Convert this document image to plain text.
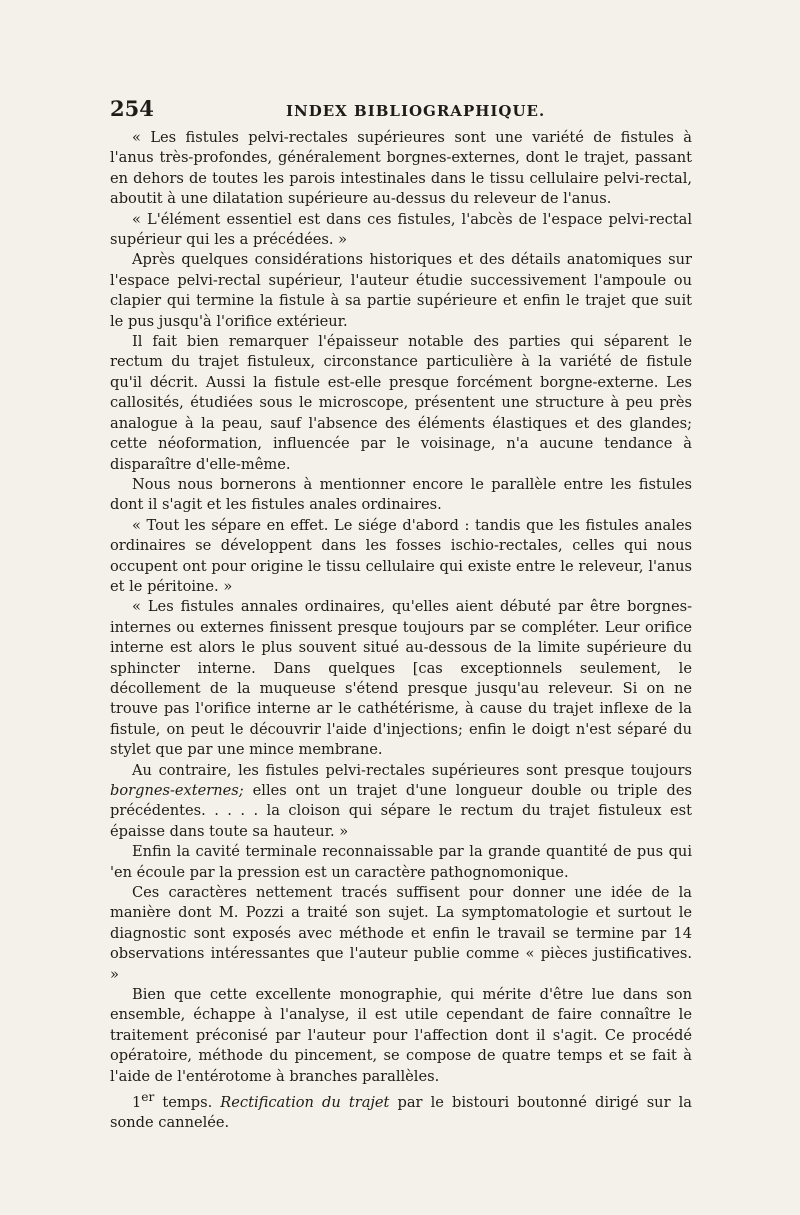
254	INDEX BIBLIOGRAPHIQUE.

« Les fistules pelvi-rectales supérieures sont une variété de fistules à l'anus très-profondes, généralement borgnes-externes, dont le trajet, passant en dehors de toutes les parois intestinales dans le tissu cellulaire pelvi-rectal, aboutit à une dilatation supérieure au-dessus du releveur de l'anus.

« L'élément essentiel est dans ces fistules, l'abcès de l'espace pelvi-rectal supérieur qui les a précédées. »

Après quelques considérations historiques et des détails anatomiques sur l'espace pelvi-rectal supérieur, l'auteur étudie successivement l'ampoule ou clapier qui termine la fistule à sa partie supérieure et enfin le trajet que suit le pus jusqu'à l'orifice extérieur.

Il fait bien remarquer l'épaisseur notable des parties qui séparent le rectum du trajet fistuleux, circonstance particulière à la variété de fistule qu'il décrit. Aussi la fistule est-elle presque forcément borgne-externe. Les callosités, étudiées sous le microscope, présentent une structure à peu près analogue à la peau, sauf l'absence des éléments élastiques et des glandes; cette néoformation, influencée par le voisinage, n'a aucune tendance à disparaître d'elle-même.

Nous nous bornerons à mentionner encore le parallèle entre les fistules dont il s'agit et les fistules anales ordinaires.

« Tout les sépare en effet. Le siége d'abord : tandis que les fistules anales ordinaires se développent dans les fosses ischio-rectales, celles qui nous occupent ont pour origine le tissu cellulaire qui existe entre le releveur, l'anus et le péritoine. »

« Les fistules annales ordinaires, qu'elles aient débuté par être borgnes-internes ou externes finissent presque toujours par se compléter. Leur orifice interne est alors le plus souvent situé au-dessous de la limite supérieure du sphincter interne. Dans quelques [cas exceptionnels seulement, le décollement de la muqueuse s'étend presque jusqu'au releveur. Si on ne trouve pas l'orifice interne ar le cathétérisme, à cause du trajet inflexe de la fistule, on peut le découvrir l'aide d'injections; enfin le doigt n'est séparé du stylet que par une mince membrane.

Au contraire, les fistules pelvi-rectales supérieures sont presque toujours borgnes-externes; elles ont un trajet d'une longueur double ou triple des précédentes. . . . . la cloison qui sépare le rectum du trajet fistuleux est épaisse dans toute sa hauteur. »

Enfin la cavité terminale reconnaissable par la grande quantité de pus qui 'en écoule par la pression est un caractère pathognomonique.

Ces caractères nettement tracés suffisent pour donner une idée de la manière dont M. Pozzi a traité son sujet. La symptomatologie et surtout le diagnostic sont exposés avec méthode et enfin le travail se termine par 14 observations intéressantes que l'auteur publie comme « pièces justificatives. »

Bien que cette excellente monographie, qui mérite d'être lue dans son ensemble, échappe à l'analyse, il est utile cependant de faire connaître le traitement préconisé par l'auteur pour l'affection dont il s'agit. Ce procédé opératoire, méthode du pincement, se compose de quatre temps et se fait à l'aide de l'entérotome à branches parallèles.

1er temps. Rectification du trajet par le bistouri boutonné dirigé sur la sonde cannelée.
